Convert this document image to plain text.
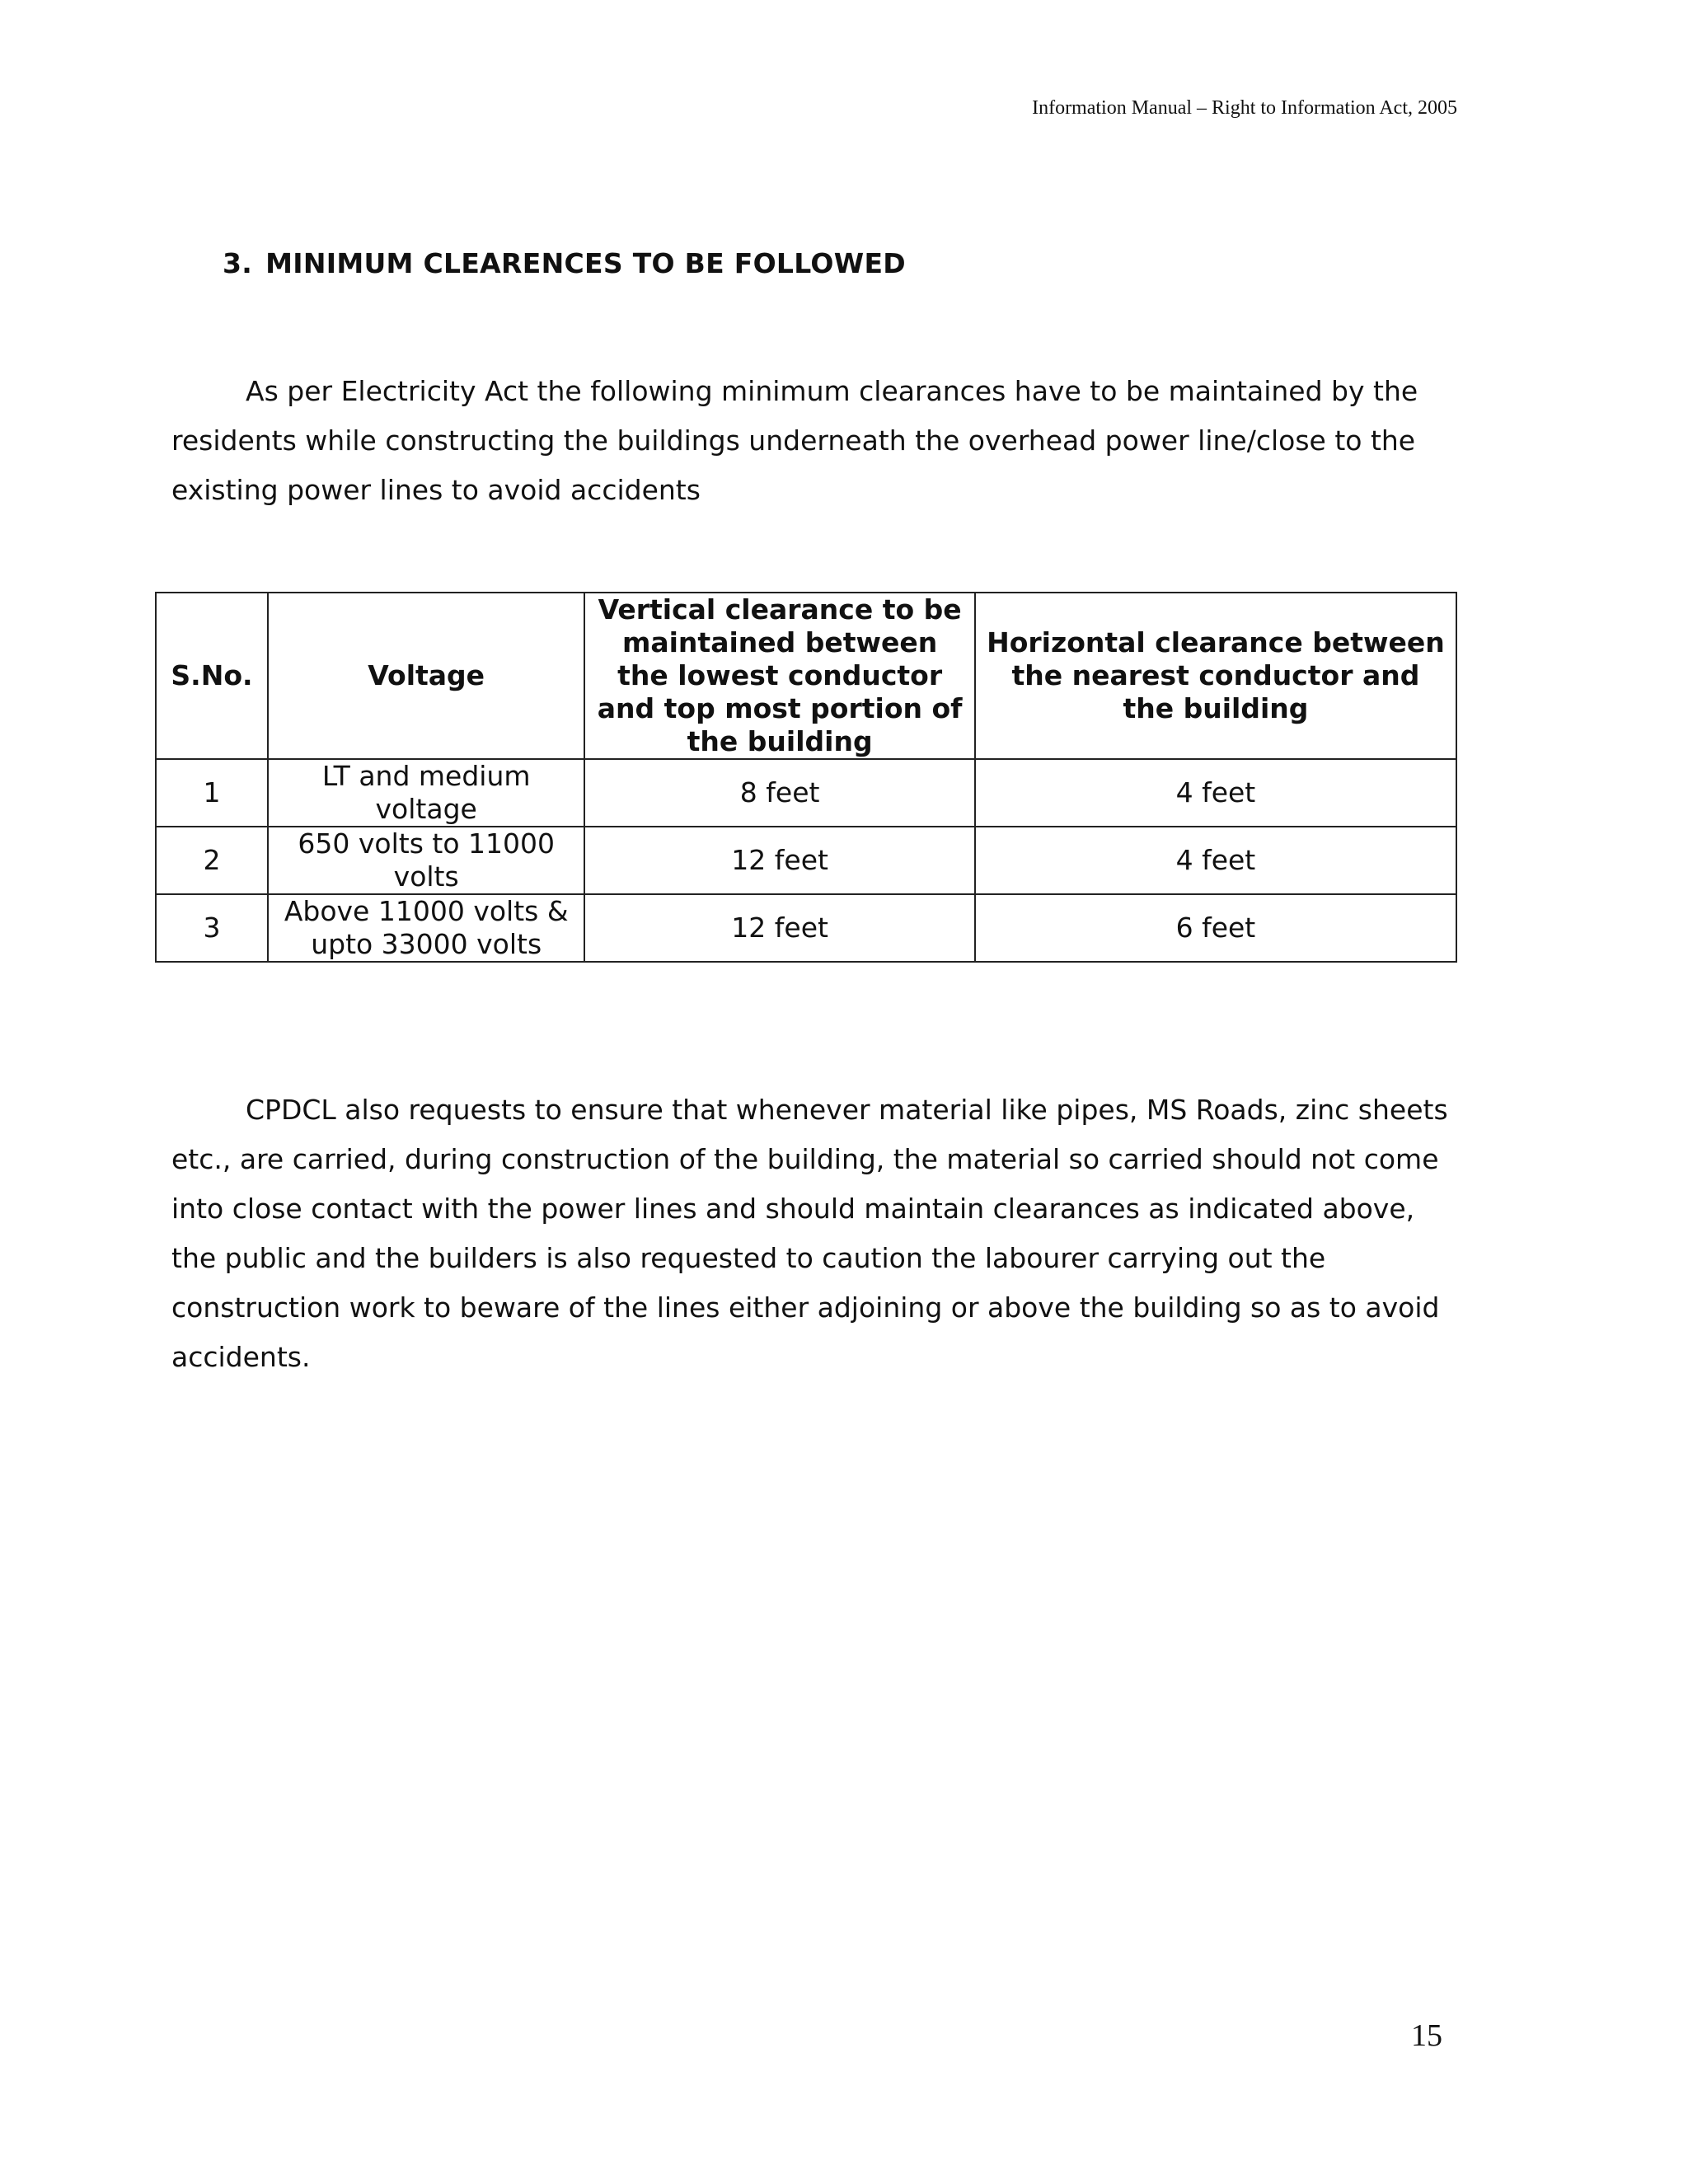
Information Manual – Right to Information Act, 2005
3. MINIMUM CLEARENCES TO BE FOLLOWED

As per Electricity Act the following minimum clearances have to be maintained by the residents while constructing the buildings underneath the overhead power line/close to the existing power lines to avoid accidents

S.No.	Voltage	Vertical clearance to be maintained between the lowest conductor and top most portion of the building	Horizontal clearance between the nearest conductor and the building
1	LT and medium voltage	8 feet	4 feet
2	650 volts to 11000 volts	12 feet	4 feet
3	Above 11000 volts & upto 33000 volts	12 feet	6 feet

CPDCL also requests to ensure that whenever material like pipes, MS Roads, zinc sheets etc., are carried, during construction of the building, the material so carried should not come into close contact with the power lines and should maintain clearances as indicated above, the public and the builders is also requested to caution the labourer carrying out the construction work to beware of the lines either adjoining or above the building so as to avoid accidents.

15
